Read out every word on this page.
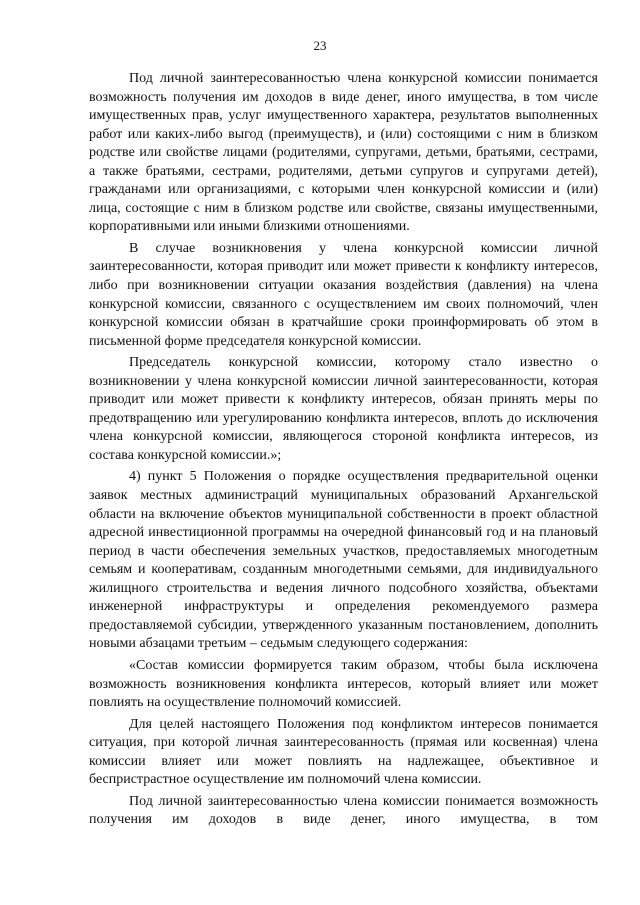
23

Под личной заинтересованностью члена конкурсной комиссии понимается возможность получения им доходов в виде денег, иного имущества, в том числе имущественных прав, услуг имущественного характера, результатов выполненных работ или каких-либо выгод (преимуществ), и (или) состоящими с ним в близком родстве или свойстве лицами (родителями, супругами, детьми, братьями, сестрами, а также братьями, сестрами, родителями, детьми супругов и супругами детей), гражданами или организациями, с которыми член конкурсной комиссии и (или) лица, состоящие с ним в близком родстве или свойстве, связаны имущественными, корпоративными или иными близкими отношениями.

В случае возникновения у члена конкурсной комиссии личной заинтересованности, которая приводит или может привести к конфликту интересов, либо при возникновении ситуации оказания воздействия (давления) на члена конкурсной комиссии, связанного с осуществлением им своих полномочий, член конкурсной комиссии обязан в кратчайшие сроки проинформировать об этом в письменной форме председателя конкурсной комиссии.

Председатель конкурсной комиссии, которому стало известно о возникновении у члена конкурсной комиссии личной заинтересованности, которая приводит или может привести к конфликту интересов, обязан принять меры по предотвращению или урегулированию конфликта интересов, вплоть до исключения члена конкурсной комиссии, являющегося стороной конфликта интересов, из состава конкурсной комиссии.»;

4) пункт 5 Положения о порядке осуществления предварительной оценки заявок местных администраций муниципальных образований Архангельской области на включение объектов муниципальной собственности в проект областной адресной инвестиционной программы на очередной финансовый год и на плановый период в части обеспечения земельных участков, предоставляемых многодетным семьям и кооперативам, созданным многодетными семьями, для индивидуального жилищного строительства и ведения личного подсобного хозяйства, объектами инженерной инфраструктуры и определения рекомендуемого размера предоставляемой субсидии, утвержденного указанным постановлением, дополнить новыми абзацами третьим – седьмым следующего содержания:

«Состав комиссии формируется таким образом, чтобы была исключена возможность возникновения конфликта интересов, который влияет или может повлиять на осуществление полномочий комиссией.

Для целей настоящего Положения под конфликтом интересов понимается ситуация, при которой личная заинтересованность (прямая или косвенная) члена комиссии влияет или может повлиять на надлежащее, объективное и беспристрастное осуществление им полномочий члена комиссии.

Под личной заинтересованностью члена комиссии понимается возможность получения им доходов в виде денег, иного имущества, в том
